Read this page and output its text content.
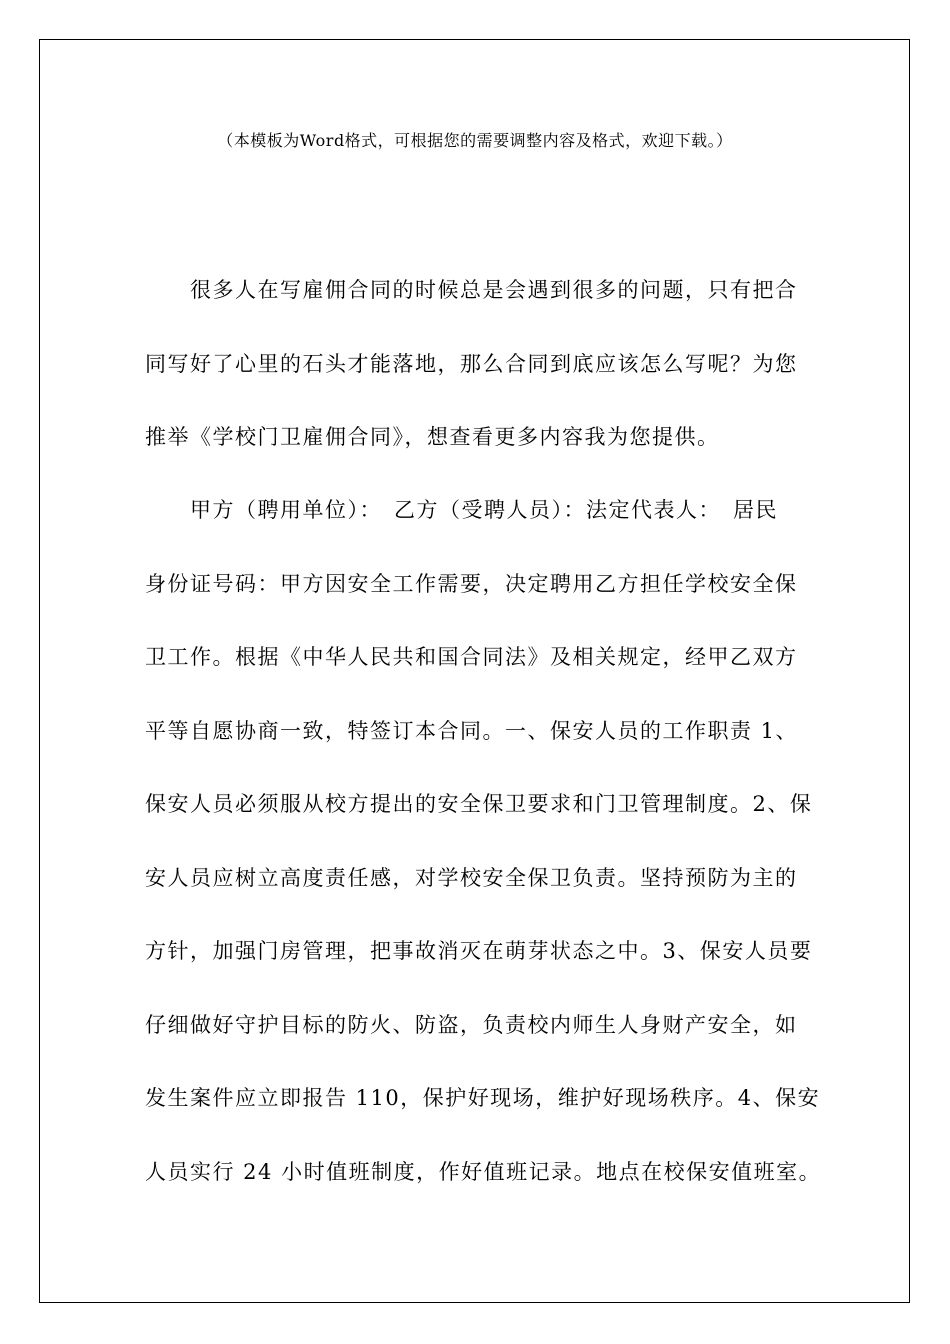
（本模板为Word格式，可根据您的需要调整内容及格式，欢迎下载。）
　　很多人在写雇佣合同的时候总是会遇到很多的问题，只有把合
同写好了心里的石头才能落地，那么合同到底应该怎么写呢？为您
推举《学校门卫雇佣合同》，想查看更多内容我为您提供。
　　甲方（聘用单位）：　乙方（受聘人员）：法定代表人：　居民
身份证号码：甲方因安全工作需要，决定聘用乙方担任学校安全保
卫工作。根据《中华人民共和国合同法》及相关规定，经甲乙双方
平等自愿协商一致，特签订本合同。一、保安人员的工作职责 1、
保安人员必须服从校方提出的安全保卫要求和门卫管理制度。2、保
安人员应树立高度责任感，对学校安全保卫负责。坚持预防为主的
方针，加强门房管理，把事故消灭在萌芽状态之中。3、保安人员要
仔细做好守护目标的防火、防盗，负责校内师生人身财产安全，如
发生案件应立即报告 110，保护好现场，维护好现场秩序。4、保安
人员实行 24 小时值班制度，作好值班记录。地点在校保安值班室。
